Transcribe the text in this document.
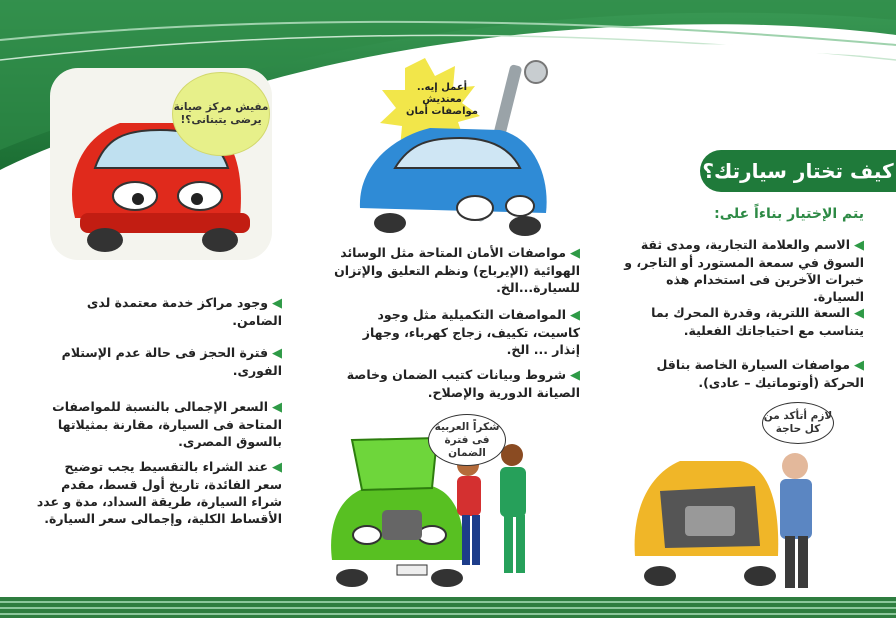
كيف تختار سيارتك؟
يتم الإختيار بناءاً على:
◀الاسم والعلامة التجارية، ومدى ثقة السوق في سمعة المستورد أو التاجر، و خبرات الآخرين فى استخدام هذه السيارة.
◀السعة اللترية، وقدرة المحرك بما يتناسب مع احتياجاتك الفعلية.
◀مواصفات السيارة الخاصة بناقل الحركة (أوتوماتيك – عادى).
◀مواصفات الأمان المتاحة مثل الوسائد الهوائية (الإيرباج) ونظم التعليق والإتزان للسيارة...الخ.
◀المواصفات التكميلية مثل وجود كاسيت، تكييف، زجاج كهرباء، وجهاز إنذار ... الخ.
◀شروط وبيانات كتيب الضمان وخاصة الصيانة الدورية والإصلاح.
◀وجود مراكز خدمة معتمدة لدى الضامن.
◀فترة الحجز فى حالة عدم الإستلام الفورى.
◀السعر الإجمالى بالنسبة للمواصفات المتاحة فى السيارة، مقارنة بمثيلاتها بالسوق المصرى.
◀عند الشراء بالتقسيط يجب توضيح سعر الفائدة، تاريخ أول قسط، مقدم شراء السيارة، طريقة السداد، مدة و عدد الأقساط الكلية، وإجمالى سعر السيارة.
مفيش مركز صيانة يرضى يتبنانى؟!
أعمل إيه.. معنديش مواصفات أمان
شكراً العربية فى فترة الضمان
لازم أتأكد من كل حاجة
